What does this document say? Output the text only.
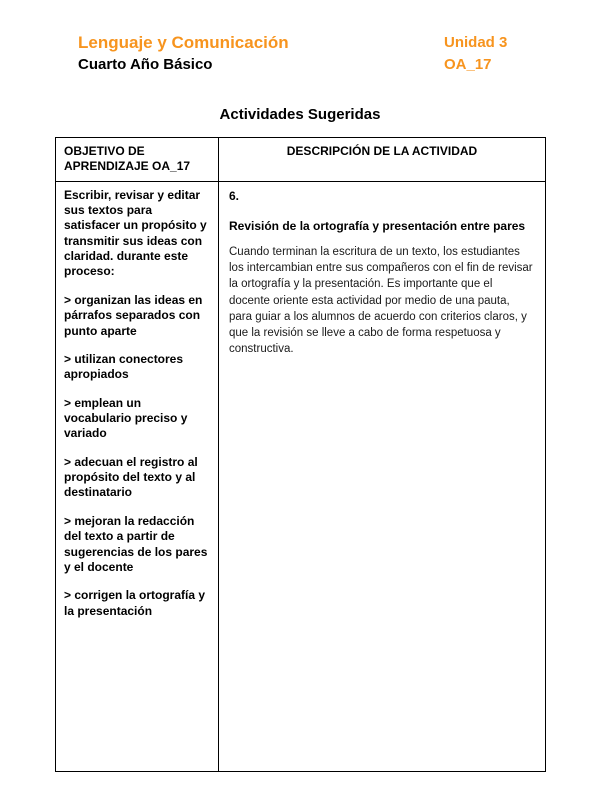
Lenguaje y Comunicación
Cuarto Año Básico
Unidad 3
OA_17
Actividades Sugeridas
OBJETIVO DE APRENDIZAJE OA_17
DESCRIPCIÓN DE LA ACTIVIDAD

Escribir, revisar y editar sus textos para satisfacer un propósito y transmitir sus ideas con claridad. durante este proceso:

> organizan las ideas en párrafos separados con punto aparte

> utilizan conectores apropiados

> emplean un vocabulario preciso y variado

> adecuan el registro al propósito del texto y al destinatario

> mejoran la redacción del texto a partir de sugerencias de los pares y el docente

> corrigen la ortografía y la presentación

6.

Revisión de la ortografía y presentación entre pares

Cuando terminan la escritura de un texto, los estudiantes los intercambian entre sus compañeros con el fin de revisar la ortografía y la presentación. Es importante que el docente oriente esta actividad por medio de una pauta, para guiar a los alumnos de acuerdo con criterios claros, y que la revisión se lleve a cabo de forma respetuosa y constructiva.
